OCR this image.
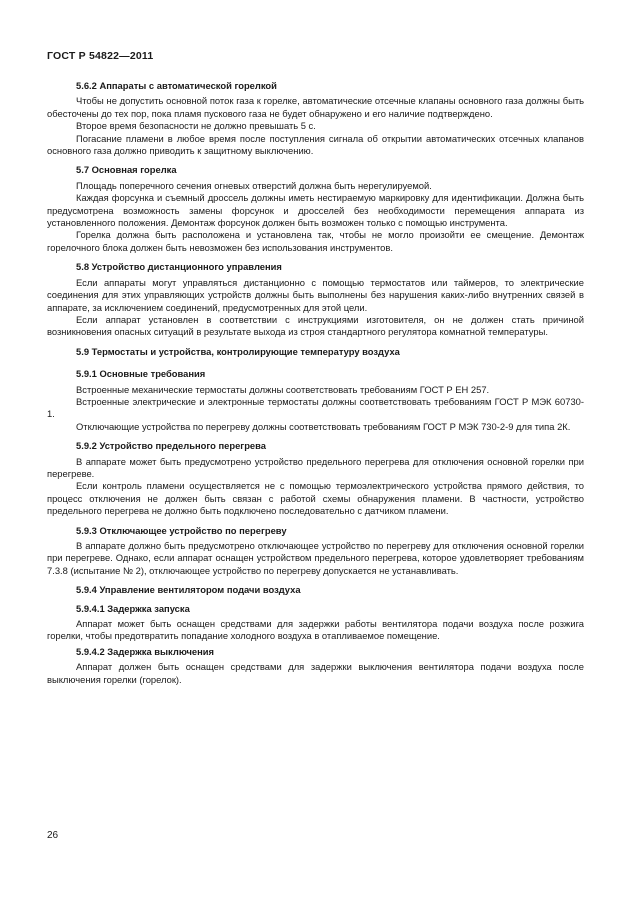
ГОСТ Р 54822—2011

5.6.2 Аппараты с автоматической горелкой

Чтобы не допустить основной поток газа к горелке, автоматические отсечные клапаны основного газа должны быть обесточены до тех пор, пока пламя пускового газа не будет обнаружено и его наличие подтверждено.

Второе время безопасности не должно превышать 5 с.

Погасание пламени в любое время после поступления сигнала об открытии автоматических отсечных клапанов основного газа должно приводить к защитному выключению.

5.7 Основная горелка

Площадь поперечного сечения огневых отверстий должна быть нерегулируемой.

Каждая форсунка и съемный дроссель должны иметь нестираемую маркировку для идентификации. Должна быть предусмотрена возможность замены форсунок и дросселей без необходимости перемещения аппарата из установленного положения. Демонтаж форсунок должен быть возможен только с помощью инструмента.

Горелка должна быть расположена и установлена так, чтобы не могло произойти ее смещение. Демонтаж горелочного блока должен быть невозможен без использования инструментов.

5.8 Устройство дистанционного управления

Если аппараты могут управляться дистанционно с помощью термостатов или таймеров, то электрические соединения для этих управляющих устройств должны быть выполнены без нарушения каких-либо внутренних связей в аппарате, за исключением соединений, предусмотренных для этой цели.

Если аппарат установлен в соответствии с инструкциями изготовителя, он не должен стать причиной возникновения опасных ситуаций в результате выхода из строя стандартного регулятора комнатной температуры.

5.9 Термостаты и устройства, контролирующие температуру воздуха

5.9.1 Основные требования

Встроенные механические термостаты должны соответствовать требованиям ГОСТ Р ЕН 257.

Встроенные электрические и электронные термостаты должны соответствовать требованиям ГОСТ Р МЭК 60730-1.

Отключающие устройства по перегреву должны соответствовать требованиям ГОСТ Р МЭК 730-2-9 для типа 2К.

5.9.2 Устройство предельного перегрева

В аппарате может быть предусмотрено устройство предельного перегрева для отключения основной горелки при перегреве.

Если контроль пламени осуществляется не с помощью термоэлектрического устройства прямого действия, то процесс отключения не должен быть связан с работой схемы обнаружения пламени. В частности, устройство предельного перегрева не должно быть подключено последовательно с датчиком пламени.

5.9.3 Отключающее устройство по перегреву

В аппарате должно быть предусмотрено отключающее устройство по перегреву для отключения основной горелки при перегреве. Однако, если аппарат оснащен устройством предельного перегрева, которое удовлетворяет требованиям 7.3.8 (испытание № 2), отключающее устройство по перегреву допускается не устанавливать.

5.9.4 Управление вентилятором подачи воздуха

5.9.4.1 Задержка запуска

Аппарат может быть оснащен средствами для задержки работы вентилятора подачи воздуха после розжига горелки, чтобы предотвратить попадание холодного воздуха в отапливаемое помещение.

5.9.4.2 Задержка выключения

Аппарат должен быть оснащен средствами для задержки выключения вентилятора подачи воздуха после выключения горелки (горелок).

26
